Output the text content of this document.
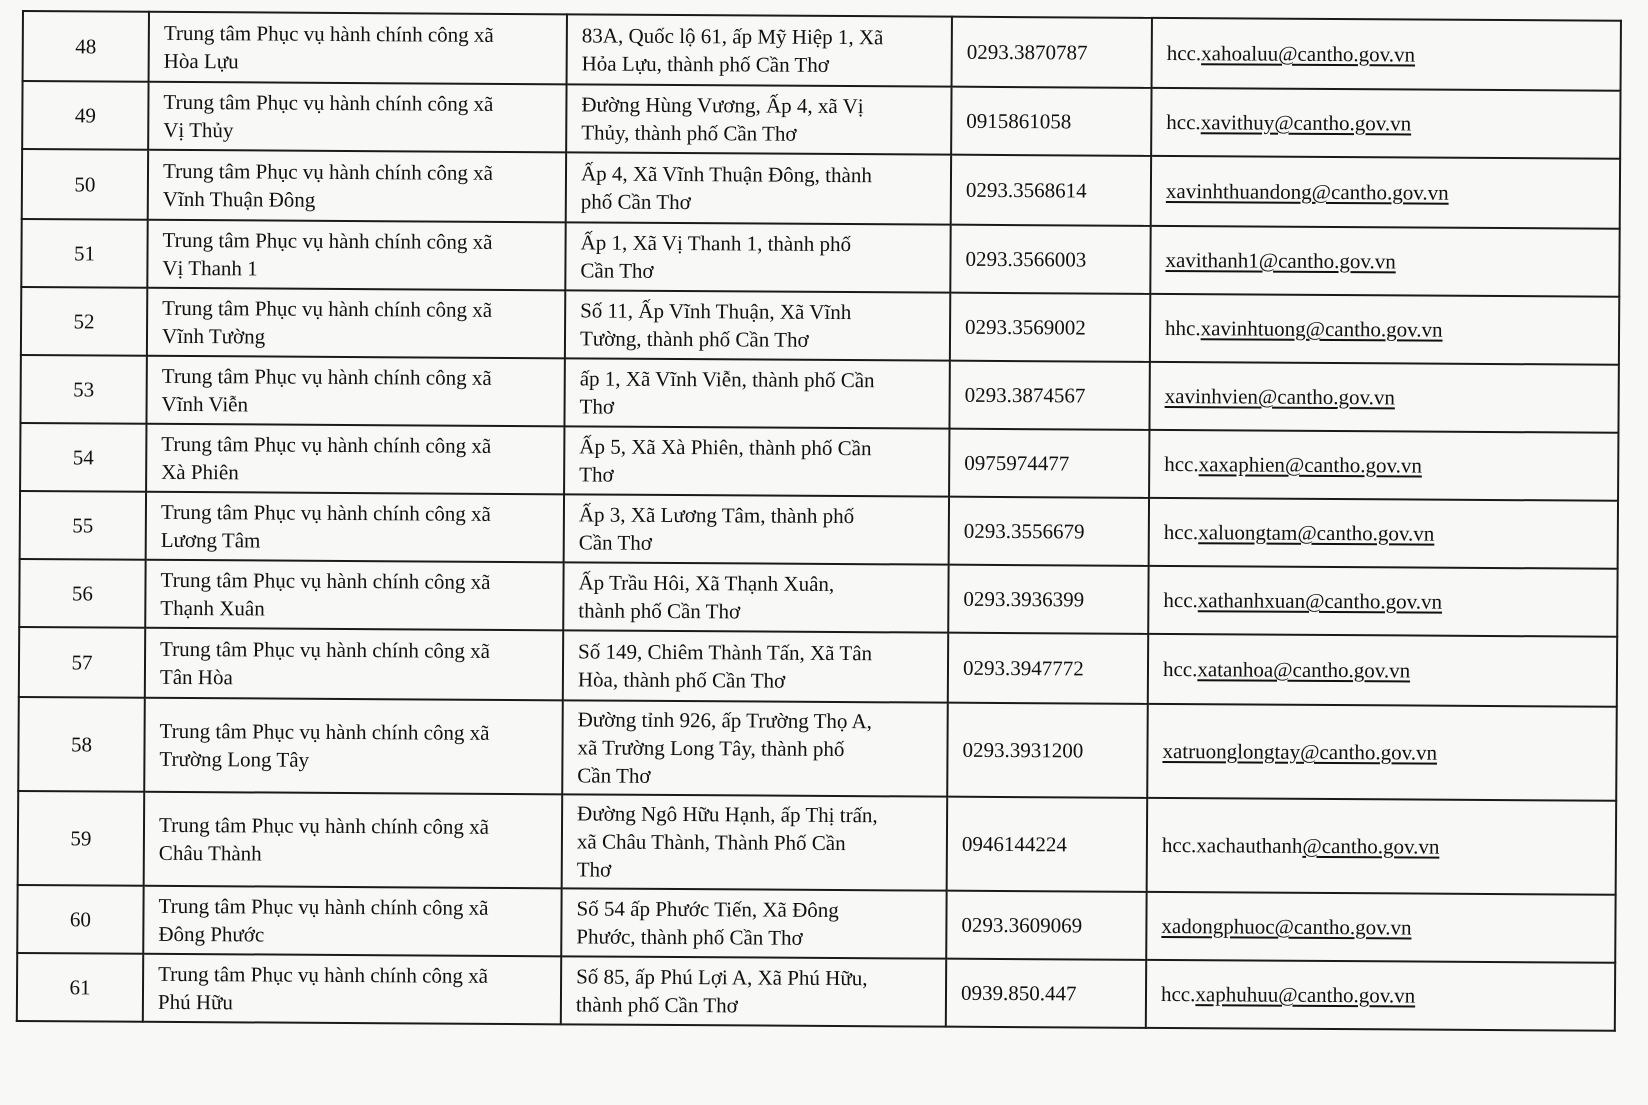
48	Trung tâm Phục vụ hành chính công xã
Hòa Lựu	83A, Quốc lộ 61, ấp Mỹ Hiệp 1, Xã
Hỏa Lựu, thành phố Cần Thơ	0293.3870787	hcc.xahoaluu@cantho.gov.vn
49	Trung tâm Phục vụ hành chính công xã
Vị Thủy	Đường Hùng Vương, Ấp 4, xã Vị
Thủy, thành phố Cần Thơ	0915861058	hcc.xavithuy@cantho.gov.vn
50	Trung tâm Phục vụ hành chính công xã
Vĩnh Thuận Đông	Ấp 4, Xã Vĩnh Thuận Đông, thành
phố Cần Thơ	0293.3568614	xavinhthuandong@cantho.gov.vn
51	Trung tâm Phục vụ hành chính công xã
Vị Thanh 1	Ấp 1, Xã Vị Thanh 1, thành phố
Cần Thơ	0293.3566003	xavithanh1@cantho.gov.vn
52	Trung tâm Phục vụ hành chính công xã
Vĩnh Tường	Số 11, Ấp Vĩnh Thuận, Xã Vĩnh
Tường, thành phố Cần Thơ	0293.3569002	hhc.xavinhtuong@cantho.gov.vn
53	Trung tâm Phục vụ hành chính công xã
Vĩnh Viễn	ấp 1, Xã Vĩnh Viễn, thành phố Cần
Thơ	0293.3874567	xavinhvien@cantho.gov.vn
54	Trung tâm Phục vụ hành chính công xã
Xà Phiên	Ấp 5, Xã Xà Phiên, thành phố Cần
Thơ	0975974477	hcc.xaxaphien@cantho.gov.vn
55	Trung tâm Phục vụ hành chính công xã
Lương Tâm	Ấp 3, Xã Lương Tâm, thành phố
Cần Thơ	0293.3556679	hcc.xaluongtam@cantho.gov.vn
56	Trung tâm Phục vụ hành chính công xã
Thạnh Xuân	Ấp Trầu Hôi, Xã Thạnh Xuân,
thành phố Cần Thơ	0293.3936399	hcc.xathanhxuan@cantho.gov.vn
57	Trung tâm Phục vụ hành chính công xã
Tân Hòa	Số 149, Chiêm Thành Tấn, Xã Tân
Hòa, thành phố Cần Thơ	0293.3947772	hcc.xatanhoa@cantho.gov.vn
58	Trung tâm Phục vụ hành chính công xã
Trường Long Tây	Đường tỉnh 926, ấp Trường Thọ A,
xã Trường Long Tây, thành phố
Cần Thơ	0293.3931200	xatruonglongtay@cantho.gov.vn
59	Trung tâm Phục vụ hành chính công xã
Châu Thành	Đường Ngô Hữu Hạnh, ấp Thị trấn,
xã Châu Thành, Thành Phố Cần
Thơ	0946144224	hcc.xachauthanh@cantho.gov.vn
60	Trung tâm Phục vụ hành chính công xã
Đông Phước	Số 54 ấp Phước Tiến, Xã Đông
Phước, thành phố Cần Thơ	0293.3609069	xadongphuoc@cantho.gov.vn
61	Trung tâm Phục vụ hành chính công xã
Phú Hữu	Số 85, ấp Phú Lợi A, Xã Phú Hữu,
thành phố Cần Thơ	0939.850.447	hcc.xaphuhuu@cantho.gov.vn
